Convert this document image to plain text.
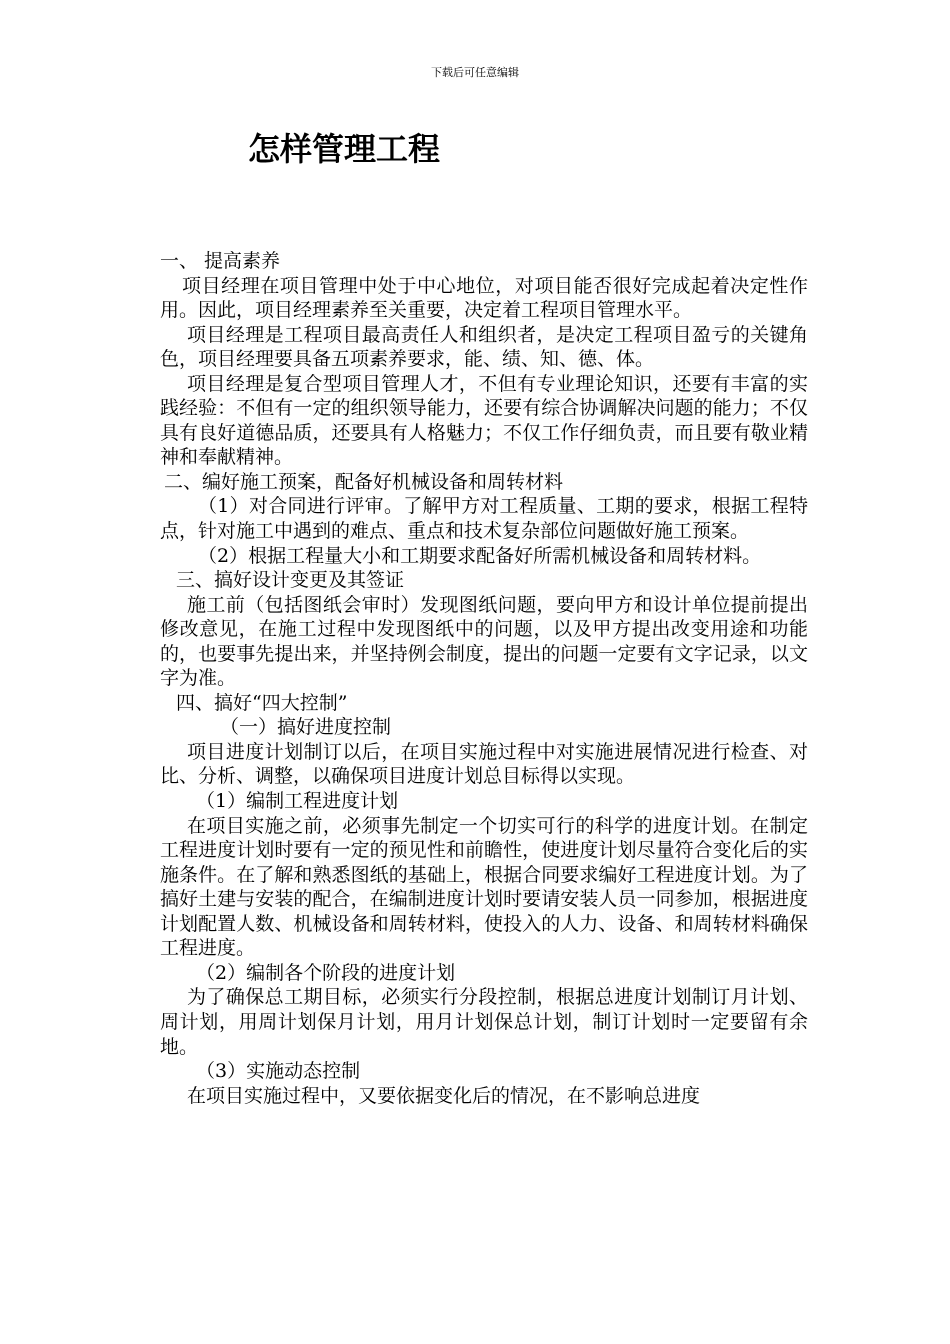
下载后可任意编辑
怎样管理工程

一、 提高素养

项目经理在项目管理中处于中心地位，对项目能否很好完成起着决定性作用。因此，项目经理素养至关重要，决定着工程项目管理水平。

项目经理是工程项目最高责任人和组织者，是决定工程项目盈亏的关键角色，项目经理要具备五项素养要求，能、绩、知、德、体。

项目经理是复合型项目管理人才，不但有专业理论知识，还要有丰富的实践经验：不但有一定的组织领导能力，还要有综合协调解决问题的能力；不仅具有良好道德品质，还要具有人格魅力；不仅工作仔细负责，而且要有敬业精神和奉献精神。

二、编好施工预案，配备好机械设备和周转材料

（1）对合同进行评审。了解甲方对工程质量、工期的要求，根据工程特点，针对施工中遇到的难点、重点和技术复杂部位问题做好施工预案。

（2）根据工程量大小和工期要求配备好所需机械设备和周转材料。

三、搞好设计变更及其签证

施工前（包括图纸会审时）发现图纸问题，要向甲方和设计单位提前提出修改意见，在施工过程中发现图纸中的问题，以及甲方提出改变用途和功能的，也要事先提出来，并坚持例会制度，提出的问题一定要有文字记录，以文字为准。

四、搞好“四大控制”

（一）搞好进度控制

项目进度计划制订以后，在项目实施过程中对实施进展情况进行检查、对比、分析、调整，以确保项目进度计划总目标得以实现。

（1）编制工程进度计划

在项目实施之前，必须事先制定一个切实可行的科学的进度计划。在制定工程进度计划时要有一定的预见性和前瞻性，使进度计划尽量符合变化后的实施条件。在了解和熟悉图纸的基础上，根据合同要求编好工程进度计划。为了搞好土建与安装的配合，在编制进度计划时要请安装人员一同参加，根据进度计划配置人数、机械设备和周转材料，使投入的人力、设备、和周转材料确保工程进度。

（2）编制各个阶段的进度计划

为了确保总工期目标，必须实行分段控制，根据总进度计划制订月计划、周计划，用周计划保月计划，用月计划保总计划，制订计划时一定要留有余地。

（3）实施动态控制

在项目实施过程中，又要依据变化后的情况，在不影响总进度
